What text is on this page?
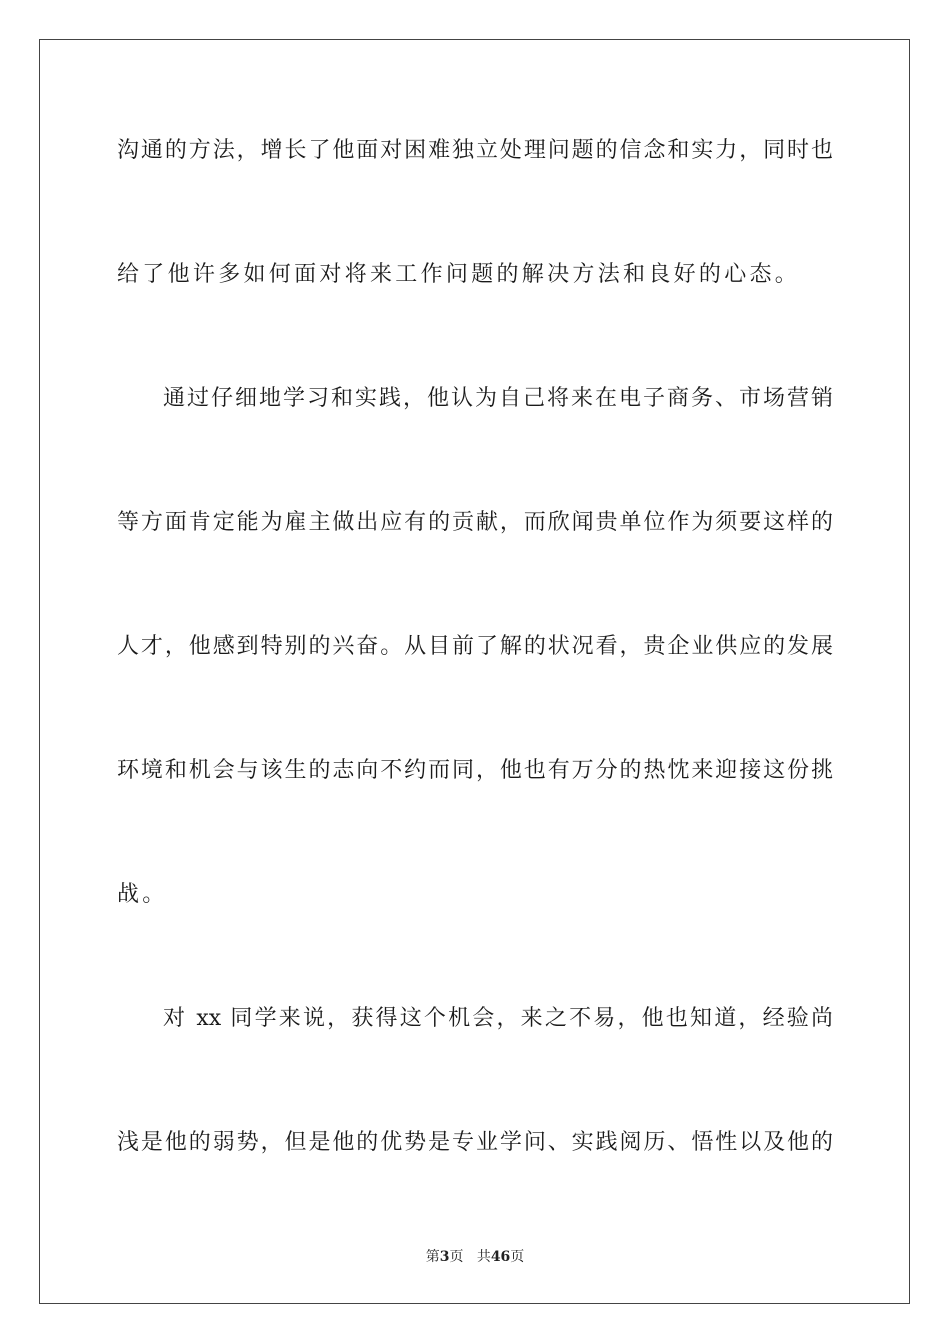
沟通的方法，增长了他面对困难独立处理问题的信念和实力，同时也
给了他许多如何面对将来工作问题的解决方法和良好的心态。
通过仔细地学习和实践，他认为自己将来在电子商务、市场营销
等方面肯定能为雇主做出应有的贡献，而欣闻贵单位作为须要这样的
人才，他感到特别的兴奋。从目前了解的状况看，贵企业供应的发展
环境和机会与该生的志向不约而同，他也有万分的热忱来迎接这份挑
战。
对 xx 同学来说，获得这个机会，来之不易，他也知道，经验尚
浅是他的弱势，但是他的优势是专业学问、实践阅历、悟性以及他的
第3页 共46页
